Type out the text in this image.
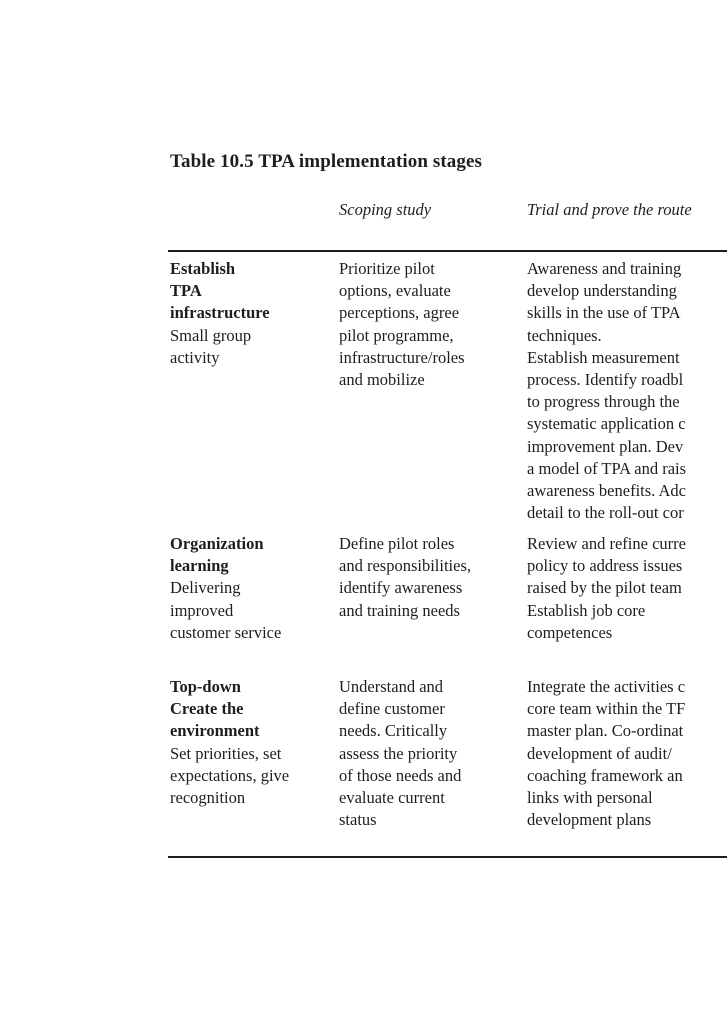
Table 10.5 TPA implementation stages
Scoping study	Trial and prove the route
Establish
TPA
infrastructure
Small group
activity
Prioritize pilot
options, evaluate
perceptions, agree
pilot programme,
infrastructure/roles
and mobilize
Awareness and training
develop understanding
skills in the use of TPA
techniques.
Establish measurement
process. Identify roadbl
to progress through the
systematic application c
improvement plan. Dev
a model of TPA and rais
awareness benefits. Adc
detail to the roll-out cor
Organization
learning
Delivering
improved
customer service
Define pilot roles
and responsibilities,
identify awareness
and training needs
Review and refine curre
policy to address issues
raised by the pilot team
Establish job core
competences
Top-down
Create the
environment
Set priorities, set
expectations, give
recognition
Understand and
define customer
needs. Critically
assess the priority
of those needs and
evaluate current
status
Integrate the activities c
core team within the TF
master plan. Co-ordinat
development of audit/
coaching framework an
links with personal
development plans
